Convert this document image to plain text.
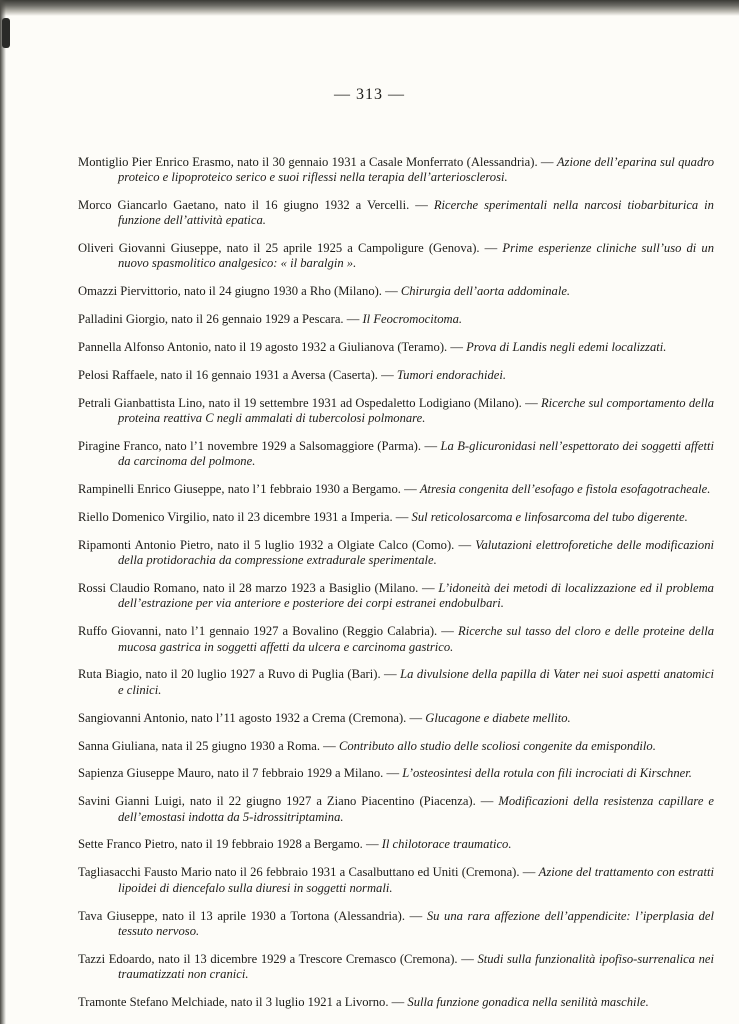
— 313 —

Montiglio Pier Enrico Erasmo, nato il 30 gennaio 1931 a Casale Monferrato (Alessandria). — Azione dell’eparina sul quadro proteico e lipoproteico serico e suoi riflessi nella terapia dell’arteriosclerosi.

Morco Giancarlo Gaetano, nato il 16 giugno 1932 a Vercelli. — Ricerche sperimentali nella narcosi tiobarbiturica in funzione dell’attività epatica.

Oliveri Giovanni Giuseppe, nato il 25 aprile 1925 a Campoligure (Genova). — Prime esperienze cliniche sull’uso di un nuovo spasmolitico analgesico: « il baralgin ».

Omazzi Piervittorio, nato il 24 giugno 1930 a Rho (Milano). — Chirurgia dell’aorta addominale.

Palladini Giorgio, nato il 26 gennaio 1929 a Pescara. — Il Feocromocitoma.

Pannella Alfonso Antonio, nato il 19 agosto 1932 a Giulianova (Teramo). — Prova di Landis negli edemi localizzati.

Pelosi Raffaele, nato il 16 gennaio 1931 a Aversa (Caserta). — Tumori endorachidei.

Petrali Gianbattista Lino, nato il 19 settembre 1931 ad Ospedaletto Lodigiano (Milano). — Ricerche sul comportamento della proteina reattiva C negli ammalati di tubercolosi polmonare.

Piragine Franco, nato l’1 novembre 1929 a Salsomaggiore (Parma). — La B-glicuronidasi nell’espettorato dei soggetti affetti da carcinoma del polmone.

Rampinelli Enrico Giuseppe, nato l’1 febbraio 1930 a Bergamo. — Atresia congenita dell’esofago e fistola esofagotracheale.

Riello Domenico Virgilio, nato il 23 dicembre 1931 a Imperia. — Sul reticolosarcoma e linfosarcoma del tubo digerente.

Ripamonti Antonio Pietro, nato il 5 luglio 1932 a Olgiate Calco (Como). — Valutazioni elettroforetiche delle modificazioni della protidorachia da compressione extradurale sperimentale.

Rossi Claudio Romano, nato il 28 marzo 1923 a Basiglio (Milano. — L’idoneità dei metodi di localizzazione ed il problema dell’estrazione per via anteriore e posteriore dei corpi estranei endobulbari.

Ruffo Giovanni, nato l’1 gennaio 1927 a Bovalino (Reggio Calabria). — Ricerche sul tasso del cloro e delle proteine della mucosa gastrica in soggetti affetti da ulcera e carcinoma gastrico.

Ruta Biagio, nato il 20 luglio 1927 a Ruvo di Puglia (Bari). — La divulsione della papilla di Vater nei suoi aspetti anatomici e clinici.

Sangiovanni Antonio, nato l’11 agosto 1932 a Crema (Cremona). — Glucagone e diabete mellito.

Sanna Giuliana, nata il 25 giugno 1930 a Roma. — Contributo allo studio delle scoliosi congenite da emispondilo.

Sapienza Giuseppe Mauro, nato il 7 febbraio 1929 a Milano. — L’osteosintesi della rotula con fili incrociati di Kirschner.

Savini Gianni Luigi, nato il 22 giugno 1927 a Ziano Piacentino (Piacenza). — Modificazioni della resistenza capillare e dell’emostasi indotta da 5-idrossitriptamina.

Sette Franco Pietro, nato il 19 febbraio 1928 a Bergamo. — Il chilotorace traumatico.

Tagliasacchi Fausto Mario nato il 26 febbraio 1931 a Casalbuttano ed Uniti (Cremona). — Azione del trattamento con estratti lipoidei di diencefalo sulla diuresi in soggetti normali.

Tava Giuseppe, nato il 13 aprile 1930 a Tortona (Alessandria). — Su una rara affezione dell’appendicite: l’iperplasia del tessuto nervoso.

Tazzi Edoardo, nato il 13 dicembre 1929 a Trescore Cremasco (Cremona). — Studi sulla funzionalità ipofiso-surrenalica nei traumatizzati non cranici.

Tramonte Stefano Melchiade, nato il 3 luglio 1921 a Livorno. — Sulla funzione gonadica nella senilità maschile.
